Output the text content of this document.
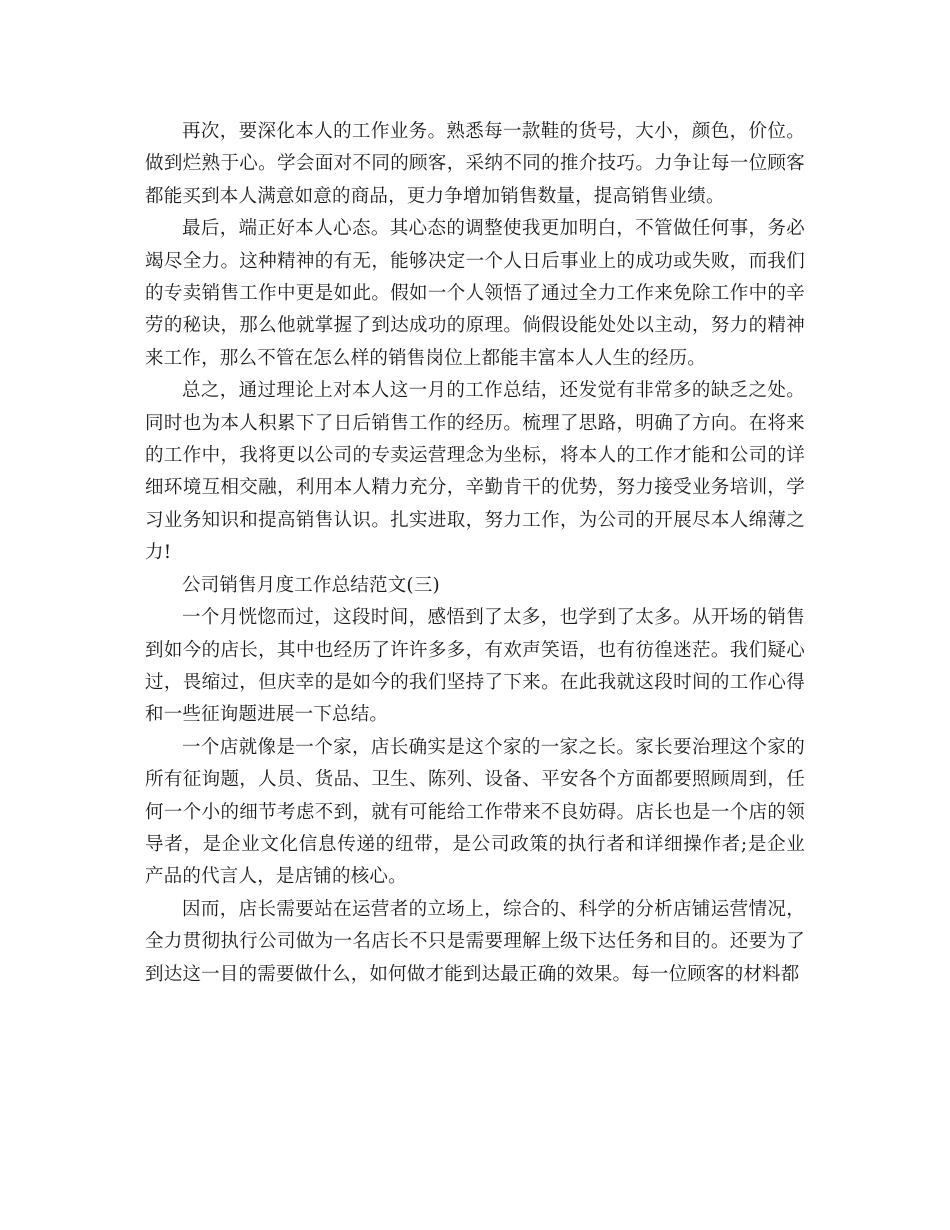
再次，要深化本人的工作业务。熟悉每一款鞋的货号，大小，颜色，价位。做到烂熟于心。学会面对不同的顾客，采纳不同的推介技巧。力争让每一位顾客都能买到本人满意如意的商品，更力争增加销售数量，提高销售业绩。

最后，端正好本人心态。其心态的调整使我更加明白，不管做任何事，务必竭尽全力。这种精神的有无，能够决定一个人日后事业上的成功或失败，而我们的专卖销售工作中更是如此。假如一个人领悟了通过全力工作来免除工作中的辛劳的秘诀，那么他就掌握了到达成功的原理。倘假设能处处以主动，努力的精神来工作，那么不管在怎么样的销售岗位上都能丰富本人人生的经历。

总之，通过理论上对本人这一月的工作总结，还发觉有非常多的缺乏之处。同时也为本人积累下了日后销售工作的经历。梳理了思路，明确了方向。在将来的工作中，我将更以公司的专卖运营理念为坐标，将本人的工作才能和公司的详细环境互相交融，利用本人精力充分，辛勤肯干的优势，努力接受业务培训，学习业务知识和提高销售认识。扎实进取，努力工作，为公司的开展尽本人绵薄之力!

公司销售月度工作总结范文(三)

一个月恍惚而过，这段时间，感悟到了太多，也学到了太多。从开场的销售到如今的店长，其中也经历了许许多多，有欢声笑语，也有彷徨迷茫。我们疑心过，畏缩过，但庆幸的是如今的我们坚持了下来。在此我就这段时间的工作心得和一些征询题进展一下总结。

一个店就像是一个家，店长确实是这个家的一家之长。家长要治理这个家的所有征询题，人员、货品、卫生、陈列、设备、平安各个方面都要照顾周到，任何一个小的细节考虑不到，就有可能给工作带来不良妨碍。店长也是一个店的领导者，是企业文化信息传递的纽带，是公司政策的执行者和详细操作者;是企业产品的代言人，是店铺的核心。

因而，店长需要站在运营者的立场上，综合的、科学的分析店铺运营情况，全力贯彻执行公司做为一名店长不只是需要理解上级下达任务和目的。还要为了到达这一目的需要做什么，如何做才能到达最正确的效果。每一位顾客的材料都
